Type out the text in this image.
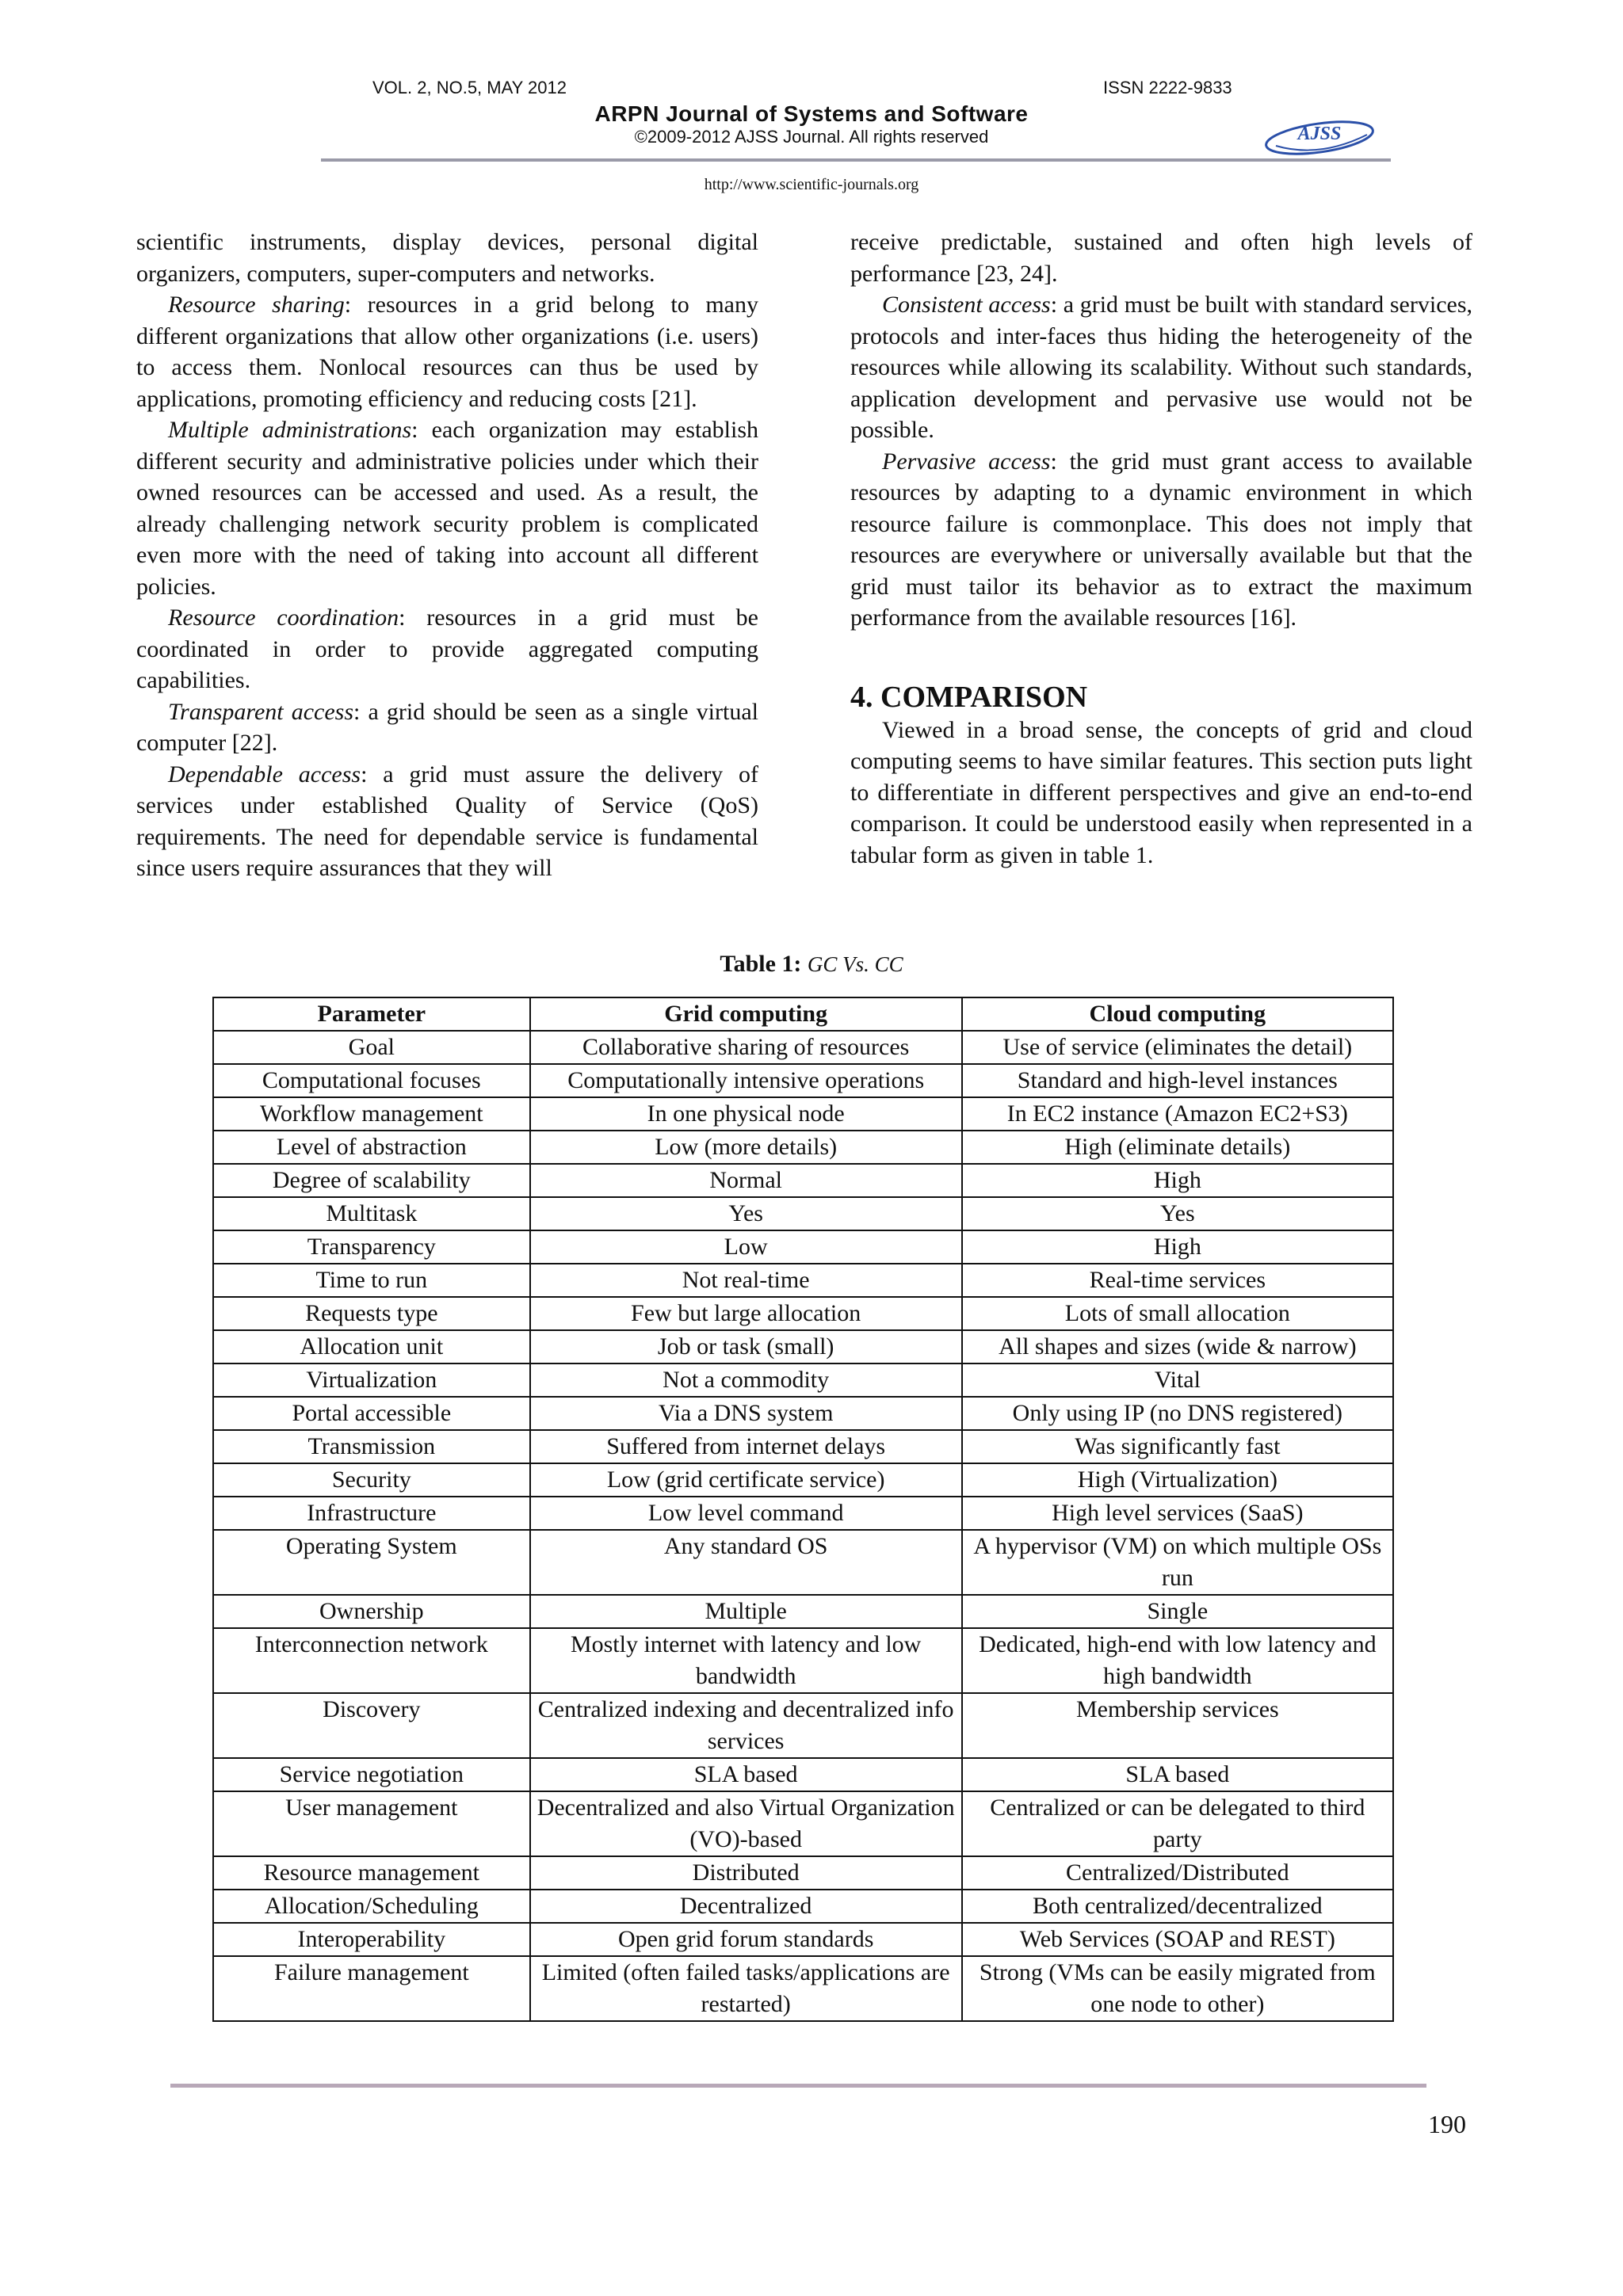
VOL. 2, NO.5, MAY 2012	ISSN 2222-9833
ARPN Journal of Systems and Software
©2009-2012 AJSS Journal. All rights reserved	AJSS
http://www.scientific-journals.org

scientific instruments, display devices, personal digital organizers, computers, super-computers and networks.

Resource sharing: resources in a grid belong to many different organizations that allow other organizations (i.e. users) to access them. Nonlocal resources can thus be used by applications, promoting efficiency and reducing costs [21].

Multiple administrations: each organization may establish different security and administrative policies under which their owned resources can be accessed and used. As a result, the already challenging network security problem is complicated even more with the need of taking into account all different policies.

Resource coordination: resources in a grid must be coordinated in order to provide aggregated computing capabilities.

Transparent access: a grid should be seen as a single virtual computer [22].

Dependable access: a grid must assure the delivery of services under established Quality of Service (QoS) requirements. The need for dependable service is fundamental since users require assurances that they will

receive predictable, sustained and often high levels of performance [23, 24].

Consistent access: a grid must be built with standard services, protocols and inter-faces thus hiding the heterogeneity of the resources while allowing its scalability. Without such standards, application development and pervasive use would not be possible.

Pervasive access: the grid must grant access to available resources by adapting to a dynamic environment in which resource failure is commonplace. This does not imply that resources are everywhere or universally available but that the grid must tailor its behavior as to extract the maximum performance from the available resources [16].

4. COMPARISON

Viewed in a broad sense, the concepts of grid and cloud computing seems to have similar features. This section puts light to differentiate in different perspectives and give an end-to-end comparison. It could be understood easily when represented in a tabular form as given in table 1.

Table 1: GC Vs. CC
Parameter	Grid computing	Cloud computing
Goal	Collaborative sharing of resources	Use of service (eliminates the detail)
Computational focuses	Computationally intensive operations	Standard and high-level instances
Workflow management	In one physical node	In EC2 instance (Amazon EC2+S3)
Level of abstraction	Low (more details)	High (eliminate details)
Degree of scalability	Normal	High
Multitask	Yes	Yes
Transparency	Low	High
Time to run	Not real-time	Real-time services
Requests type	Few but large allocation	Lots of small allocation
Allocation unit	Job or task (small)	All shapes and sizes (wide & narrow)
Virtualization	Not a commodity	Vital
Portal accessible	Via a DNS system	Only using IP (no DNS registered)
Transmission	Suffered from internet delays	Was significantly fast
Security	Low (grid certificate service)	High (Virtualization)
Infrastructure	Low level command	High level services (SaaS)
Operating System	Any standard OS	A hypervisor (VM) on which multiple OSs run
Ownership	Multiple	Single
Interconnection network	Mostly internet with latency and low bandwidth	Dedicated, high-end with low latency and high bandwidth
Discovery	Centralized indexing and decentralized info services	Membership services
Service negotiation	SLA based	SLA based
User management	Decentralized and also Virtual Organization (VO)-based	Centralized or can be delegated to third party
Resource management	Distributed	Centralized/Distributed
Allocation/Scheduling	Decentralized	Both centralized/decentralized
Interoperability	Open grid forum standards	Web Services (SOAP and REST)
Failure management	Limited (often failed tasks/applications are restarted)	Strong (VMs can be easily migrated from one node to other)
190
